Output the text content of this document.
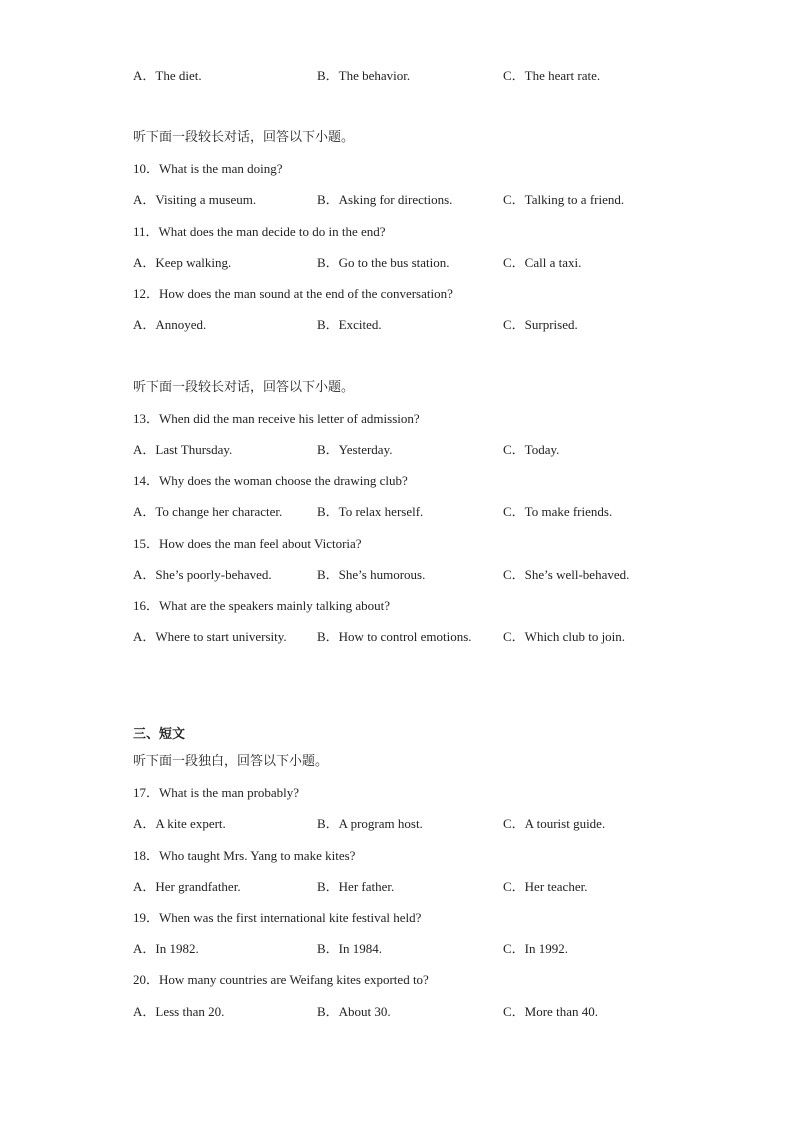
A．The diet.	B．The behavior.	C．The heart rate.
听下面一段较长对话，回答以下小题。
10．What is the man doing?
A．Visiting a museum.	B．Asking for directions.	C．Talking to a friend.
11．What does the man decide to do in the end?
A．Keep walking.	B．Go to the bus station.	C．Call a taxi.
12．How does the man sound at the end of the conversation?
A．Annoyed.	B．Excited.	C．Surprised.
听下面一段较长对话，回答以下小题。
13．When did the man receive his letter of admission?
A．Last Thursday.	B．Yesterday.	C．Today.
14．Why does the woman choose the drawing club?
A．To change her character.	B．To relax herself.	C．To make friends.
15．How does the man feel about Victoria?
A．She’s poorly-behaved.	B．She’s humorous.	C．She’s well-behaved.
16．What are the speakers mainly talking about?
A．Where to start university. B．How to control emotions. C．Which club to join.
三、短文
听下面一段独白，回答以下小题。
17．What is the man probably?
A．A kite expert.	B．A program host.	C．A tourist guide.
18．Who taught Mrs. Yang to make kites?
A．Her grandfather.	B．Her father.	C．Her teacher.
19．When was the first international kite festival held?
A．In 1982.	B．In 1984.	C．In 1992.
20．How many countries are Weifang kites exported to?
A．Less than 20.	B．About 30.	C．More than 40.
